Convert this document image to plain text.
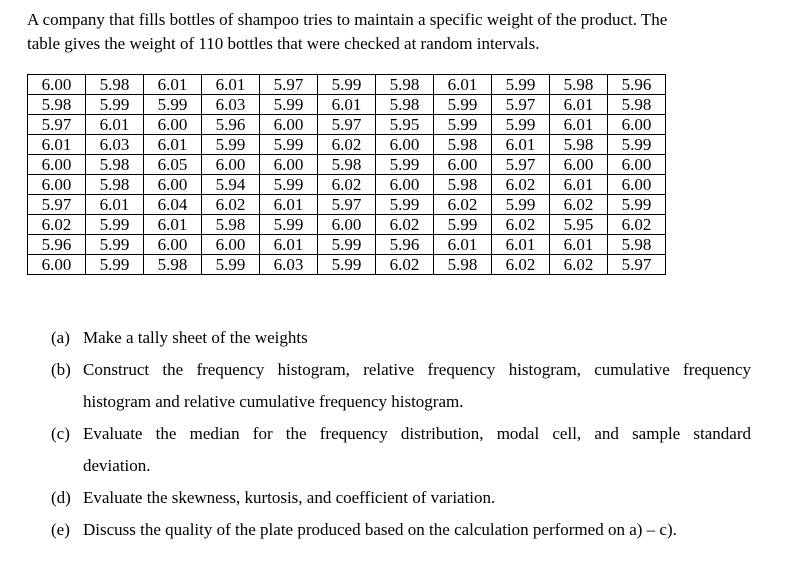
A company that fills bottles of shampoo tries to maintain a specific weight of the product. The
table gives the weight of 110 bottles that were checked at random intervals.

6.00	5.98	6.01	6.01	5.97	5.99	5.98	6.01	5.99	5.98	5.96
5.98	5.99	5.99	6.03	5.99	6.01	5.98	5.99	5.97	6.01	5.98
5.97	6.01	6.00	5.96	6.00	5.97	5.95	5.99	5.99	6.01	6.00
6.01	6.03	6.01	5.99	5.99	6.02	6.00	5.98	6.01	5.98	5.99
6.00	5.98	6.05	6.00	6.00	5.98	5.99	6.00	5.97	6.00	6.00
6.00	5.98	6.00	5.94	5.99	6.02	6.00	5.98	6.02	6.01	6.00
5.97	6.01	6.04	6.02	6.01	5.97	5.99	6.02	5.99	6.02	5.99
6.02	5.99	6.01	5.98	5.99	6.00	6.02	5.99	6.02	5.95	6.02
5.96	5.99	6.00	6.00	6.01	5.99	5.96	6.01	6.01	6.01	5.98
6.00	5.99	5.98	5.99	6.03	5.99	6.02	5.98	6.02	6.02	5.97
(a) Make a tally sheet of the weights
(b) Construct the frequency histogram, relative frequency histogram, cumulative frequency
histogram and relative cumulative frequency histogram.
(c) Evaluate the median for the frequency distribution, modal cell, and sample standard
deviation.
(d) Evaluate the skewness, kurtosis, and coefficient of variation.
(e) Discuss the quality of the plate produced based on the calculation performed on a) – c).
